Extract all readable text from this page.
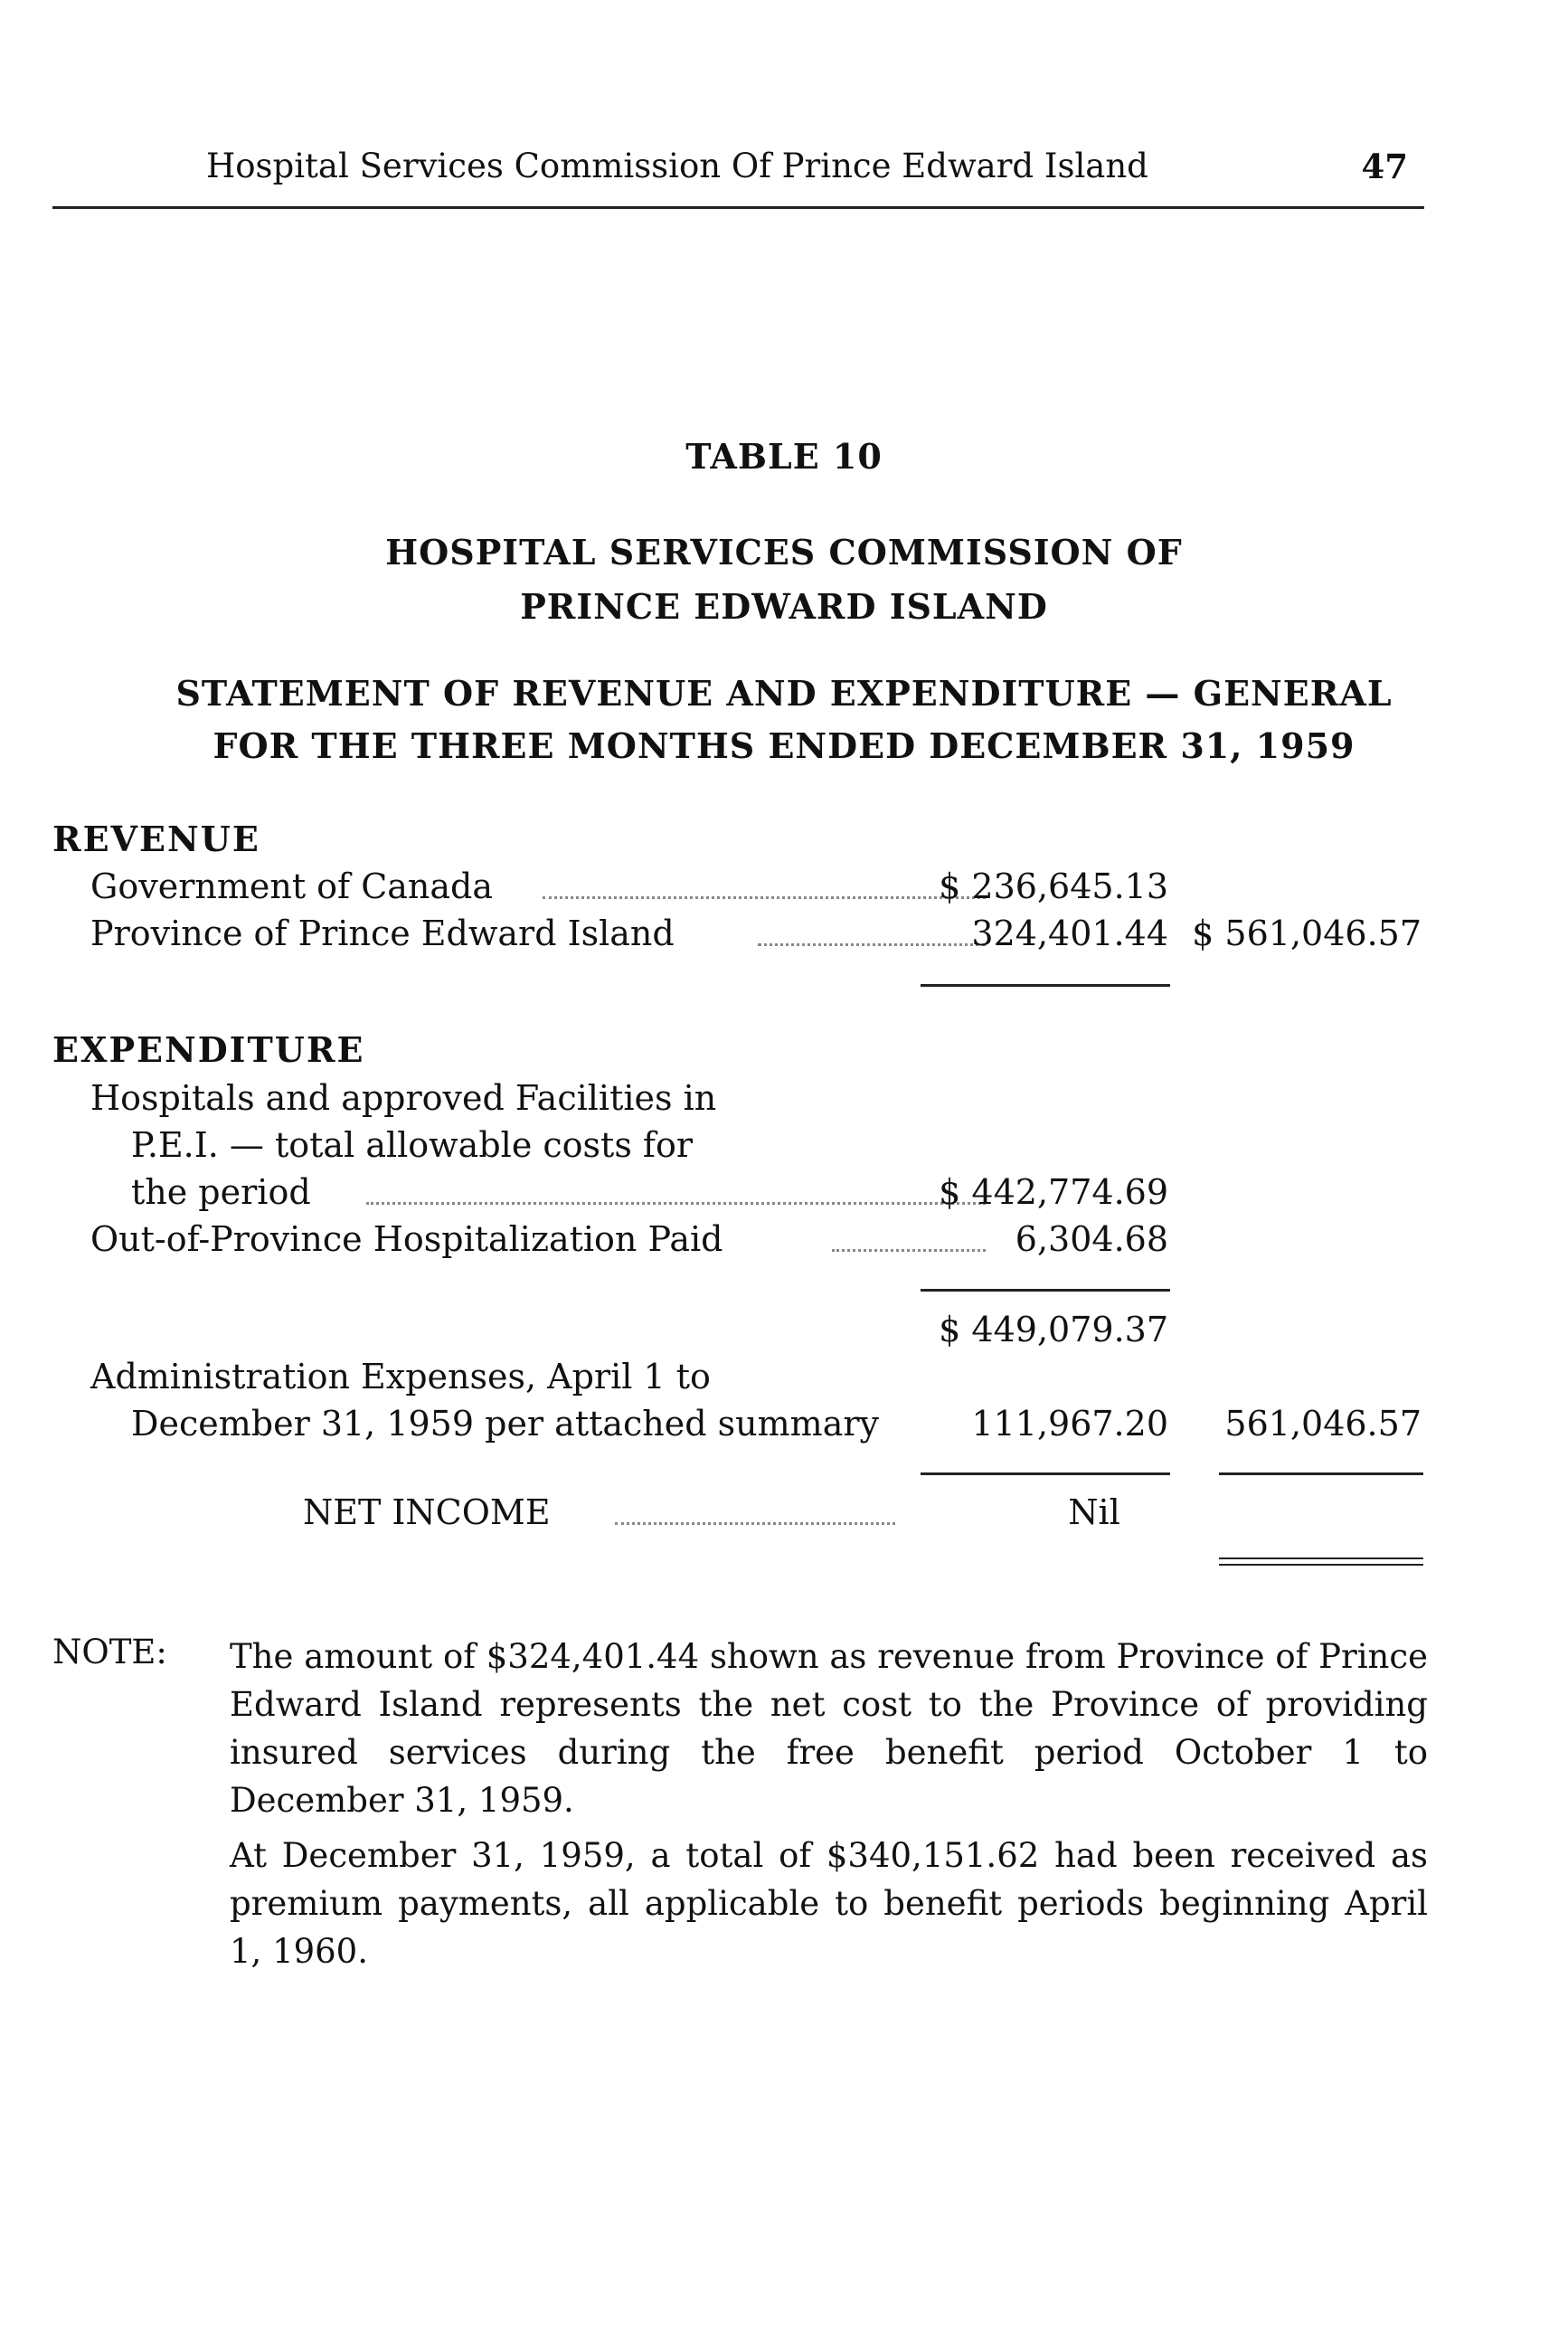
Hospital Services Commission Of Prince Edward Island	47
TABLE 10
HOSPITAL SERVICES COMMISSION OF
PRINCE EDWARD ISLAND
STATEMENT OF REVENUE AND EXPENDITURE — GENERAL
FOR THE THREE MONTHS ENDED DECEMBER 31, 1959
REVENUE
Government of Canada	$ 236,645.13
Province of Prince Edward Island	324,401.44 $ 561,046.57
EXPENDITURE
Hospitals and approved Facilities in
P.E.I. — total allowable costs for
the period	$ 442,774.69
Out-of-Province Hospitalization Paid	6,304.68
$ 449,079.37
Administration Expenses, April 1 to
December 31, 1959 per attached summary	111,967.20	561,046.57
NET INCOME	Nil
NOTE: The amount of $324,401.44 shown as revenue from Province of Prince Edward Island represents the net cost to the Province of providing insured services during the free benefit period October 1 to December 31, 1959.
At December 31, 1959, a total of $340,151.62 had been received as premium payments, all applicable to benefit periods beginning April 1, 1960.
